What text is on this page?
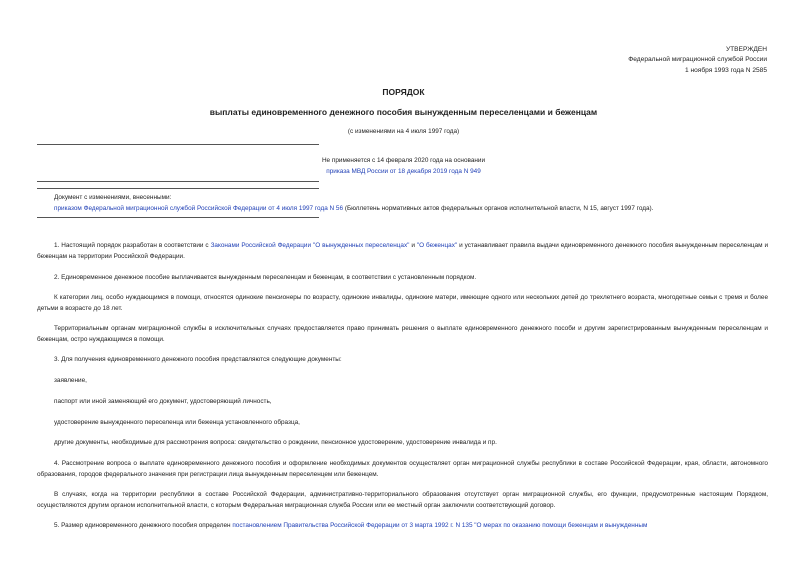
УТВЕРЖДЕН
Федеральной миграционной службой России
1 ноября 1993 года N 2585
ПОРЯДОК
выплаты единовременного денежного пособия вынужденным переселенцами и беженцам
(с изменениями на 4 июля 1997 года)
Не применяется с 14 февраля 2020 года на основании
приказа МВД России от 18 декабря 2019 года N 949
Документ с изменениями, внесенными:
приказом Федеральной миграционной службой Российской Федерации от 4 июля 1997 года N 56 (Бюллетень нормативных актов федеральных органов исполнительной власти, N 15, август 1997 года).
1. Настоящий порядок разработан в соответствии с Законами Российской Федерации "О вынужденных переселенцах" и "О беженцах" и устанавливает правила выдачи единовременного денежного пособия вынужденным переселенцам и беженцам на территории Российской Федерации.
2. Единовременное денежное пособие выплачивается вынужденным переселенцам и беженцам, в соответствии с установленным порядком.
К категории лиц, особо нуждающимся в помощи, относятся одинокие пенсионеры по возрасту, одинокие инвалиды, одинокие матери, имеющие одного или нескольких детей до трехлетнего возраста, многодетные семьи с тремя и более детьми в возрасте до 18 лет.
Территориальным органам миграционной службы в исключительных случаях предоставляется право принимать решения о выплате единовременного денежного пособи и другим зарегистрированным вынужденным переселенцам и беженцам, остро нуждающимся в помощи.
3. Для получения единовременного денежного пособия представляются следующие документы:
заявление,
паспорт или иной заменяющий его документ, удостоверяющий личность,
удостоверение вынужденного переселенца или беженца установленного образца,
другие документы, необходимые для рассмотрения вопроса: свидетельство о рождении, пенсионное удостоверение, удостоверение инвалида и пр.
4. Рассмотрение вопроса о выплате единовременного денежного пособия и оформление необходимых документов осуществляет орган миграционной службы республики в составе Российской Федерации, края, области, автономного образования, городов федерального значения при регистрации лица вынужденным переселенцем или беженцем.
В случаях, когда на территории республики в составе Российской Федерации, административно-территориального образования отсутствует орган миграционной службы, его функции, предусмотренные настоящим Порядком, осуществляются другим органом исполнительной власти, с которым Федеральная миграционная служба России или ее местный орган заключили соответствующий договор.
5. Размер единовременного денежного пособия определен постановлением Правительства Российской Федерации от 3 марта 1992 г. N 135 "О мерах по оказанию помощи беженцам и вынужденным
